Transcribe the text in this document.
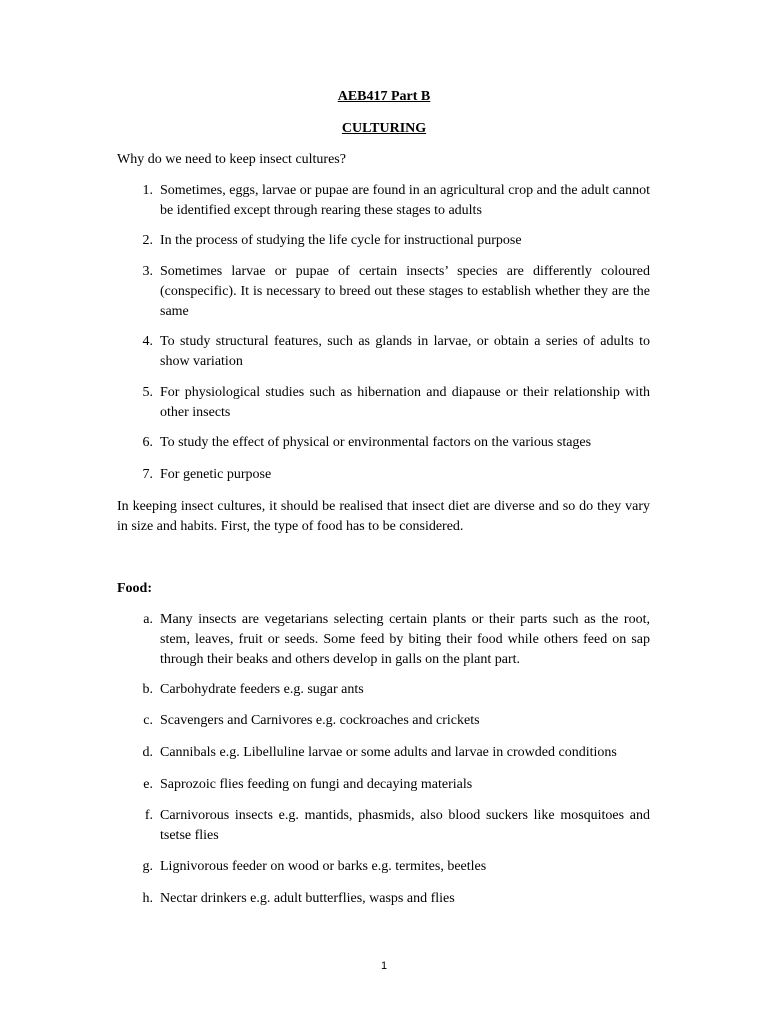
AEB417 Part B
CULTURING
Why do we need to keep insect cultures?
1. Sometimes, eggs, larvae or pupae are found in an agricultural crop and the adult cannot be identified except through rearing these stages to adults
2. In the process of studying the life cycle for instructional purpose
3. Sometimes larvae or pupae of certain insects’ species are differently coloured (conspecific). It is necessary to breed out these stages to establish whether they are the same
4. To study structural features, such as glands in larvae, or obtain a series of adults to show variation
5. For physiological studies such as hibernation and diapause or their relationship with other insects
6. To study the effect of physical or environmental factors on the various stages
7. For genetic purpose
In keeping insect cultures, it should be realised that insect diet are diverse and so do they vary in size and habits. First, the type of food has to be considered.
Food:
a. Many insects are vegetarians selecting certain plants or their parts such as the root, stem, leaves, fruit or seeds. Some feed by biting their food while others feed on sap through their beaks and others develop in galls on the plant part.
b. Carbohydrate feeders e.g. sugar ants
c. Scavengers and Carnivores e.g. cockroaches and crickets
d. Cannibals e.g. Libelluline larvae or some adults and larvae in crowded conditions
e. Saprozoic flies feeding on fungi and decaying materials
f. Carnivorous insects e.g. mantids, phasmids, also blood suckers like mosquitoes and tsetse flies
g. Lignivorous feeder on wood or barks e.g. termites, beetles
h. Nectar drinkers e.g. adult butterflies, wasps and flies
1
